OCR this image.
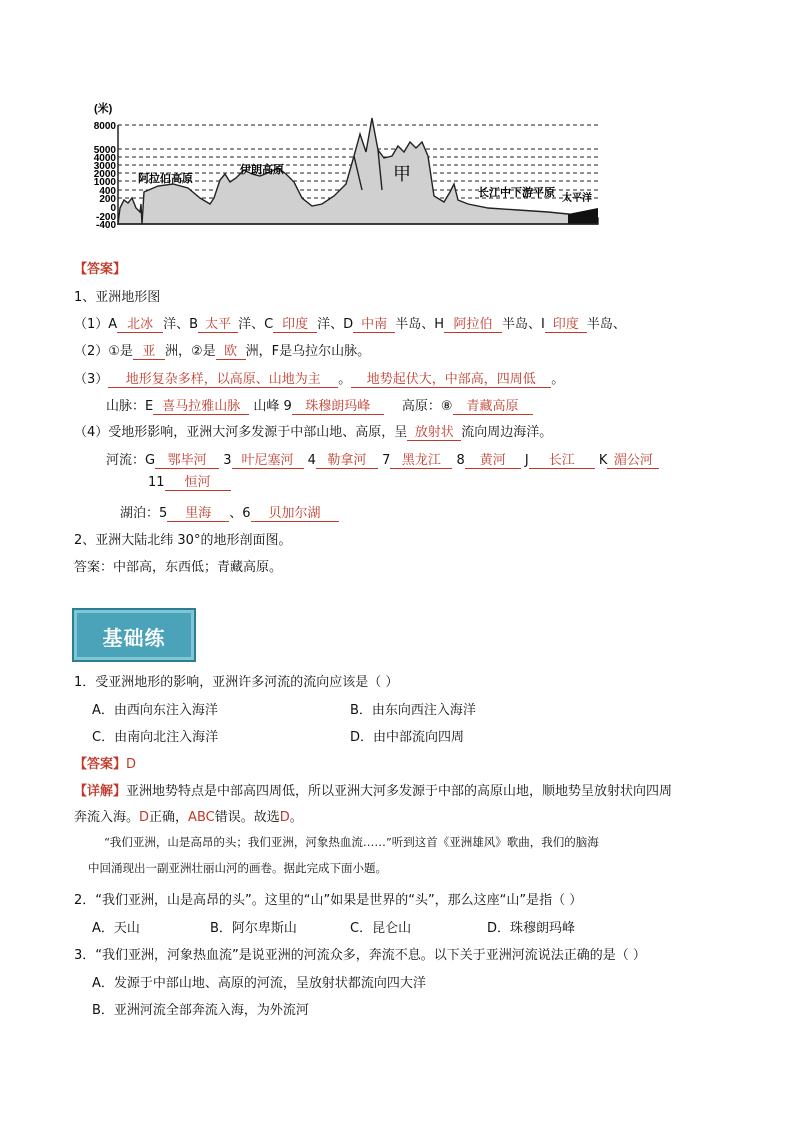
(米)
8000
5000
4000
3000
2000
1000
400
200
0
-200
-400
阿拉伯高原
伊朗高原	甲
长江中下游平原 太平洋
【答案】
1、亚洲地形图
（1）A 北冰 洋、B 太平 洋、C 印度 洋、D 中南 半岛、H 阿拉伯 半岛、I 印度 半岛、
（2）①是 亚 洲，②是 欧 洲，F是乌拉尔山脉。
（3） 地形复杂多样，以高原、山地为主 。 地势起伏大，中部高，四周低 。
山脉：E 喜马拉雅山脉 山峰 9 珠穆朗玛峰 高原：⑧ 青藏高原
（4）受地形影响，亚洲大河多发源于中部山地、高原，呈 放射状 流向周边海洋。
河流：G 鄂毕河 3 叶尼塞河 4 勒拿河 7 黑龙江 8 黄河 J 长江 K 湄公河
11 恒河
湖泊：5 里海 、6 贝加尔湖
2、亚洲大陆北纬 30°的地形剖面图。
答案：中部高，东西低；青藏高原。
基础练
1．受亚洲地形的影响，亚洲许多河流的流向应该是（ ）
A．由西向东注入海洋	B．由东向西注入海洋
C．由南向北注入海洋	D．由中部流向四周
【答案】D
【详解】亚洲地势特点是中部高四周低，所以亚洲大河多发源于中部的高原山地，顺地势呈放射状向四周
奔流入海。D正确，ABC错误。故选D。
“我们亚洲，山是高昂的头；我们亚洲，河象热血流……”听到这首《亚洲雄风》歌曲，我们的脑海
中回涌现出一副亚洲壮丽山河的画卷。据此完成下面小题。
2．“我们亚洲，山是高昂的头”。这里的“山”如果是世界的“头”，那么这座“山”是指（ ）
A．天山	B．阿尔卑斯山	C．昆仑山	D．珠穆朗玛峰
3．“我们亚洲，河象热血流”是说亚洲的河流众多，奔流不息。以下关于亚洲河流说法正确的是（ ）
A．发源于中部山地、高原的河流，呈放射状都流向四大洋
B．亚洲河流全部奔流入海，为外流河
